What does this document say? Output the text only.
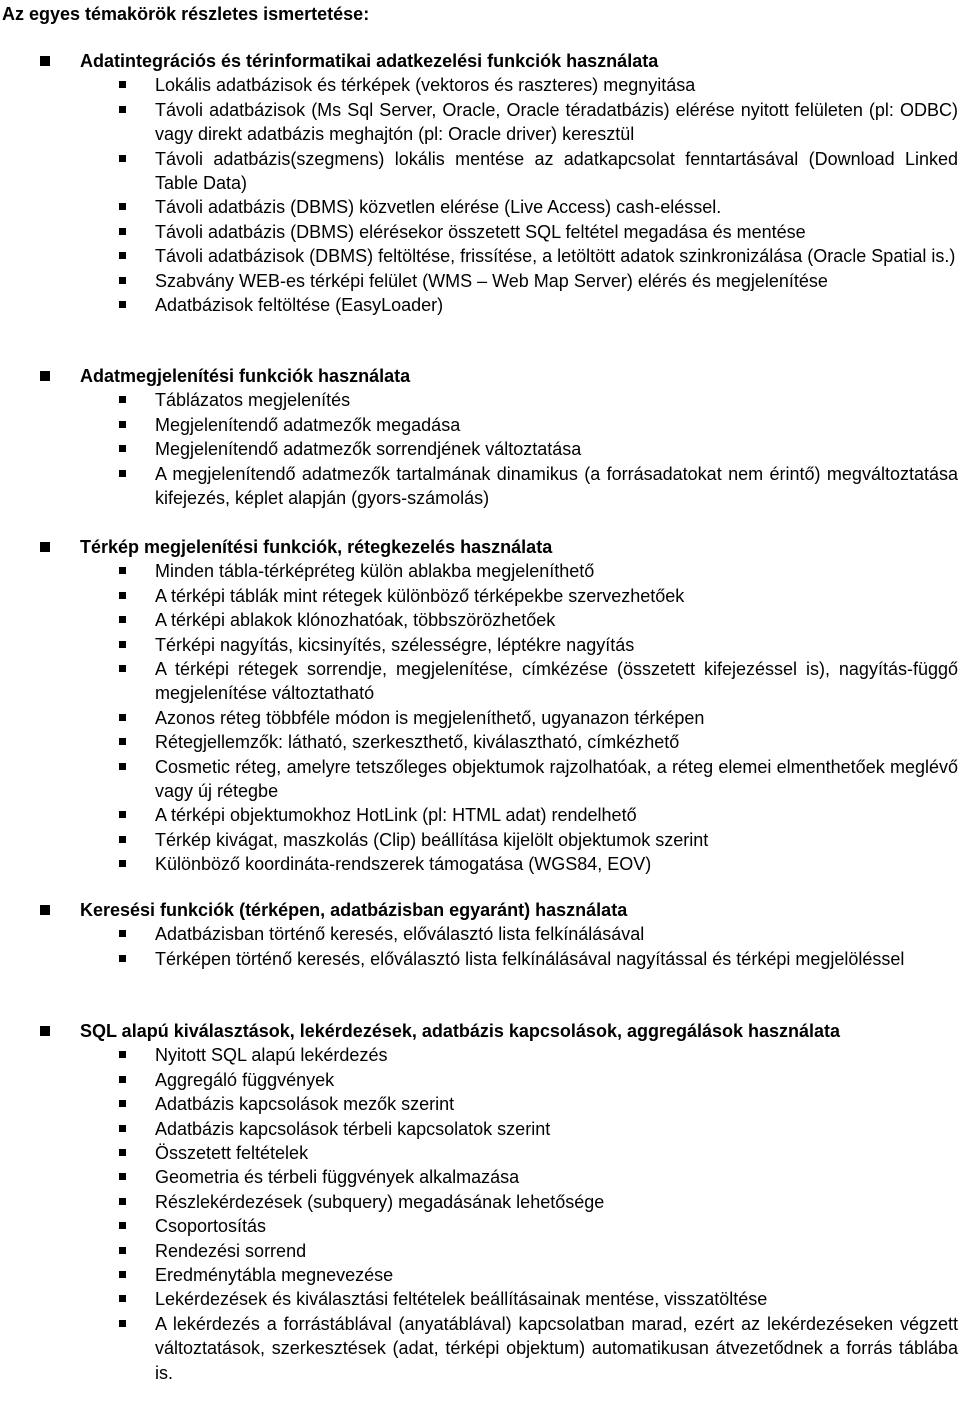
Az egyes témakörök részletes ismertetése:
Adatintegrációs és térinformatikai adatkezelési funkciók használata
Lokális adatbázisok és térképek (vektoros és raszteres) megnyitása
Távoli adatbázisok (Ms Sql Server, Oracle, Oracle téradatbázis) elérése nyitott felületen (pl: ODBC) vagy direkt adatbázis meghajtón (pl: Oracle driver) keresztül
Távoli adatbázis(szegmens) lokális mentése az adatkapcsolat fenntartásával (Download Linked Table Data)
Távoli adatbázis (DBMS) közvetlen elérése (Live Access) cash-eléssel.
Távoli adatbázis (DBMS) elérésekor összetett SQL feltétel megadása és mentése
Távoli adatbázisok (DBMS) feltöltése, frissítése, a letöltött adatok szinkronizálása (Oracle Spatial is.)
Szabvány WEB-es térképi felület (WMS – Web Map Server) elérés és megjelenítése
Adatbázisok feltöltése (EasyLoader)
Adatmegjelenítési funkciók használata
Táblázatos megjelenítés
Megjelenítendő adatmezők megadása
Megjelenítendő adatmezők sorrendjének változtatása
A megjelenítendő adatmezők tartalmának dinamikus (a forrásadatokat nem érintő) megváltoztatása kifejezés, képlet alapján (gyors-számolás)
Térkép megjelenítési funkciók, rétegkezelés használata
Minden tábla-térképréteg külön ablakba megjeleníthető
A térképi táblák mint rétegek különböző térképekbe szervezhetőek
A térképi ablakok klónozhatóak, többszörözhetőek
Térképi nagyítás, kicsinyítés, szélességre, léptékre nagyítás
A térképi rétegek sorrendje, megjelenítése, címkézése (összetett kifejezéssel is), nagyítás-függő megjelenítése változtatható
Azonos réteg többféle módon is megjeleníthető, ugyanazon térképen
Rétegjellemzők: látható, szerkeszthető, kiválasztható, címkézhető
Cosmetic réteg, amelyre tetszőleges objektumok rajzolhatóak, a réteg elemei elmenthetőek meglévő vagy új rétegbe
A térképi objektumokhoz HotLink (pl: HTML adat) rendelhető
Térkép kivágat, maszkolás (Clip) beállítása kijelölt objektumok szerint
Különböző koordináta-rendszerek támogatása (WGS84, EOV)
Keresési funkciók (térképen, adatbázisban egyaránt) használata
Adatbázisban történő keresés, előválasztó lista felkínálásával
Térképen történő keresés, előválasztó lista felkínálásával nagyítással és térképi megjelöléssel
SQL alapú kiválasztások, lekérdezések, adatbázis kapcsolások, aggregálások használata
Nyitott SQL alapú lekérdezés
Aggregáló függvények
Adatbázis kapcsolások mezők szerint
Adatbázis kapcsolások térbeli kapcsolatok szerint
Összetett feltételek
Geometria és térbeli függvények alkalmazása
Részlekérdezések (subquery) megadásának lehetősége
Csoportosítás
Rendezési sorrend
Eredménytábla megnevezése
Lekérdezések és kiválasztási feltételek beállításainak mentése, visszatöltése
A lekérdezés a forrástáblával (anyatáblával) kapcsolatban marad, ezért az lekérdezéseken végzett változtatások, szerkesztések (adat, térképi objektum) automatikusan átvezetődnek a forrás táblába is.
